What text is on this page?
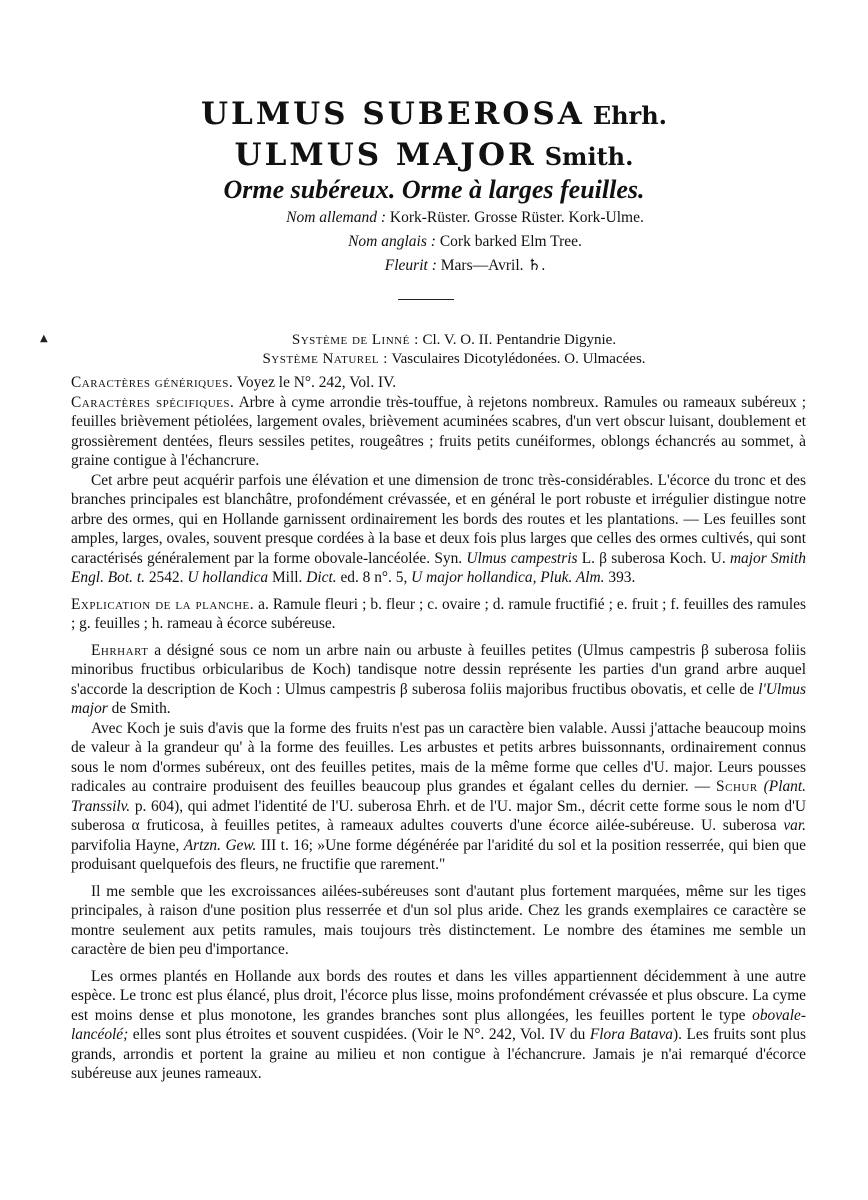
ULMUS SUBEROSA Ehrh.
ULMUS MAJOR Smith.
Orme subéreux. Orme à larges feuilles.
Nom allemand : Kork-Rüster. Grosse Rüster. Kork-Ulme.
Nom anglais : Cork barked Elm Tree.
Fleurit : Mars—Avril. ♄.
▲	Système de Linné : Cl. V. O. II. Pentandrie Digynie.
Système Naturel : Vasculaires Dicotylédonées. O. Ulmacées.

Caractères génériques. Voyez le N°. 242, Vol. IV.

Caractères spécifiques. Arbre à cyme arrondie très-touffue, à rejetons nombreux. Ramules ou rameaux subéreux ; feuilles brièvement pétiolées, largement ovales, brièvement acuminées scabres, d'un vert obscur luisant, doublement et grossièrement dentées, fleurs sessiles petites, rougeâtres ; fruits petits cunéiformes, oblongs échancrés au sommet, à graine contigue à l'échancrure.

Cet arbre peut acquérir parfois une élévation et une dimension de tronc très-considérables. L'écorce du tronc et des branches principales est blanchâtre, profondément crévassée, et en général le port robuste et irrégulier distingue notre arbre des ormes, qui en Hollande garnissent ordinairement les bords des routes et les plantations. — Les feuilles sont amples, larges, ovales, souvent presque cordées à la base et deux fois plus larges que celles des ormes cultivés, qui sont caractérisés généralement par la forme obovale-lancéolée. Syn. Ulmus campestris L. β suberosa Koch. U. major Smith Engl. Bot. t. 2542. U hollandica Mill. Dict. ed. 8 n°. 5, U major hollandica, Pluk. Alm. 393.

Explication de la planche. a. Ramule fleuri ; b. fleur ; c. ovaire ; d. ramule fructifié ; e. fruit ; f. feuilles des ramules ; g. feuilles ; h. rameau à écorce subéreuse.

Ehrhart a désigné sous ce nom un arbre nain ou arbuste à feuilles petites (Ulmus campestris β suberosa foliis minoribus fructibus orbicularibus de Koch) tandisque notre dessin représente les parties d'un grand arbre auquel s'accorde la description de Koch : Ulmus campestris β suberosa foliis majoribus fructibus obovatis, et celle de l'Ulmus major de Smith.

Avec Koch je suis d'avis que la forme des fruits n'est pas un caractère bien valable. Aussi j'attache beaucoup moins de valeur à la grandeur qu' à la forme des feuilles. Les arbustes et petits arbres buissonnants, ordinairement connus sous le nom d'ormes subéreux, ont des feuilles petites, mais de la même forme que celles d'U. major. Leurs pousses radicales au contraire produisent des feuilles beaucoup plus grandes et égalant celles du dernier. — Schur (Plant. Transsilv. p. 604), qui admet l'identité de l'U. suberosa Ehrh. et de l'U. major Sm., décrit cette forme sous le nom d'U suberosa α fruticosa, à feuilles petites, à rameaux adultes couverts d'une écorce ailée-subéreuse. U. suberosa var. parvifolia Hayne, Artzn. Gew. III t. 16; »Une forme dégénérée par l'aridité du sol et la position resserrée, qui bien que produisant quelquefois des fleurs, ne fructifie que rarement."

Il me semble que les excroissances ailées-subéreuses sont d'autant plus fortement marquées, même sur les tiges principales, à raison d'une position plus resserrée et d'un sol plus aride. Chez les grands exemplaires ce caractère se montre seulement aux petits ramules, mais toujours très distinctement. Le nombre des étamines me semble un caractère de bien peu d'importance.

Les ormes plantés en Hollande aux bords des routes et dans les villes appartiennent décidemment à une autre espèce. Le tronc est plus élancé, plus droit, l'écorce plus lisse, moins profondément crévassée et plus obscure. La cyme est moins dense et plus monotone, les grandes branches sont plus allongées, les feuilles portent le type obovale-lancéolé; elles sont plus étroites et souvent cuspidées. (Voir le N°. 242, Vol. IV du Flora Batava). Les fruits sont plus grands, arrondis et portent la graine au milieu et non contigue à l'échancrure. Jamais je n'ai remarqué d'écorce subéreuse aux jeunes rameaux.
